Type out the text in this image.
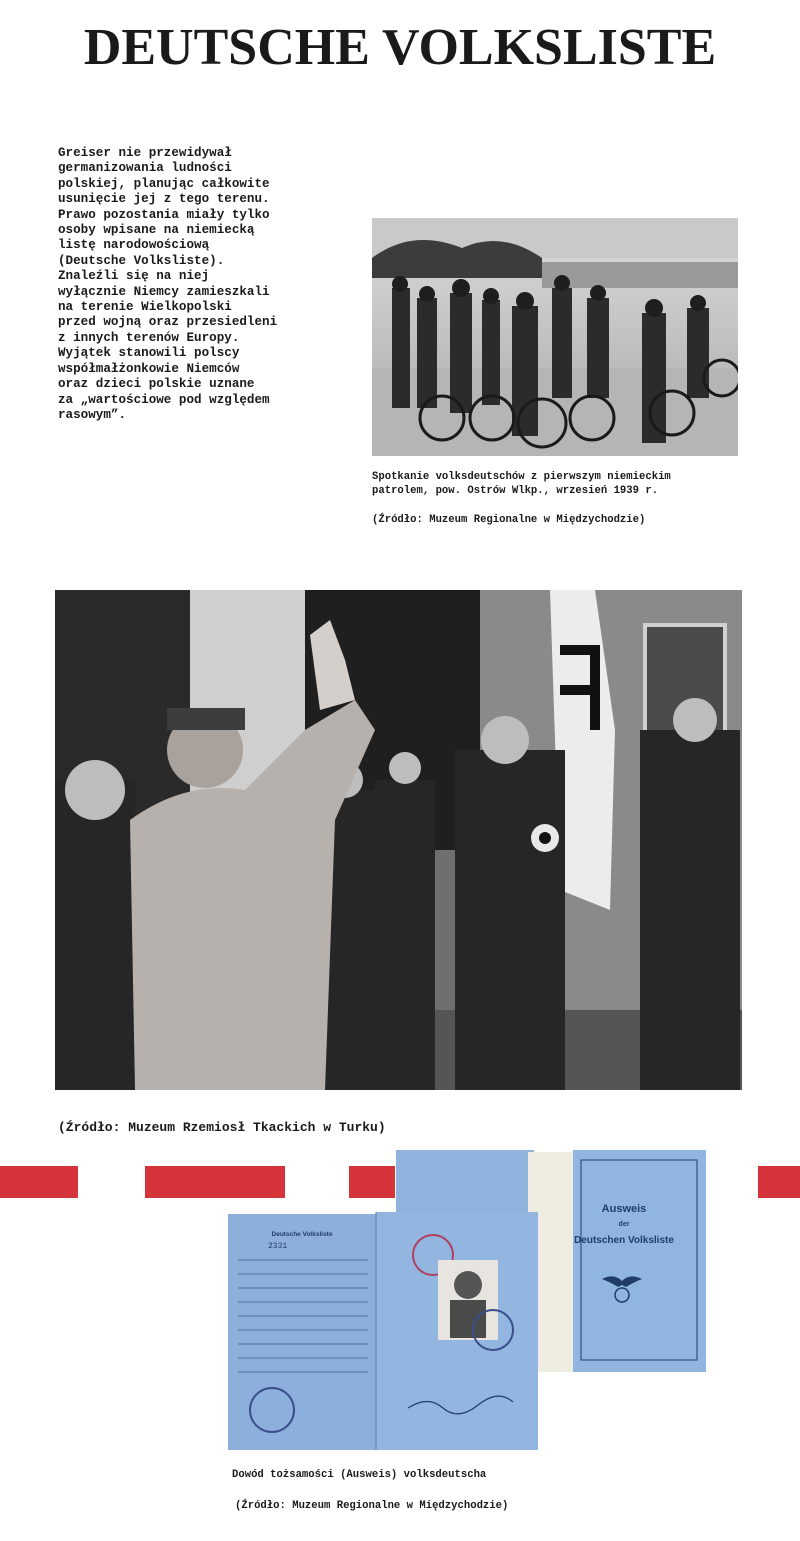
DEUTSCHE VOLKSLISTE
Greiser nie przewidywał
germanizowania ludności
polskiej, planując całkowite
usunięcie jej z tego terenu.
Prawo pozostania miały tylko
osoby wpisane na niemiecką
listę narodowościową
(Deutsche Volksliste).
Znaleźli się na niej
wyłącznie Niemcy zamieszkali
na terenie Wielkopolski
przed wojną oraz przesiedleni
z innych terenów Europy.
Wyjątek stanowili polscy
współmałżonkowie Niemców
oraz dzieci polskie uznane
za „wartościowe pod względem
rasowym”.
Spotkanie volksdeutschów z pierwszym niemieckim
patrolem, pow. Ostrów Wlkp., wrzesień 1939 r.
(Źródło: Muzeum Regionalne w Międzychodzie)
(Źródło: Muzeum Rzemiosł Tkackich w Turku)
Ausweis
der
Deutschen Volksliste
Deutsche Volksliste
2331
Dowód tożsamości (Ausweis) volksdeutscha
(Źródło: Muzeum Regionalne w Międzychodzie)
